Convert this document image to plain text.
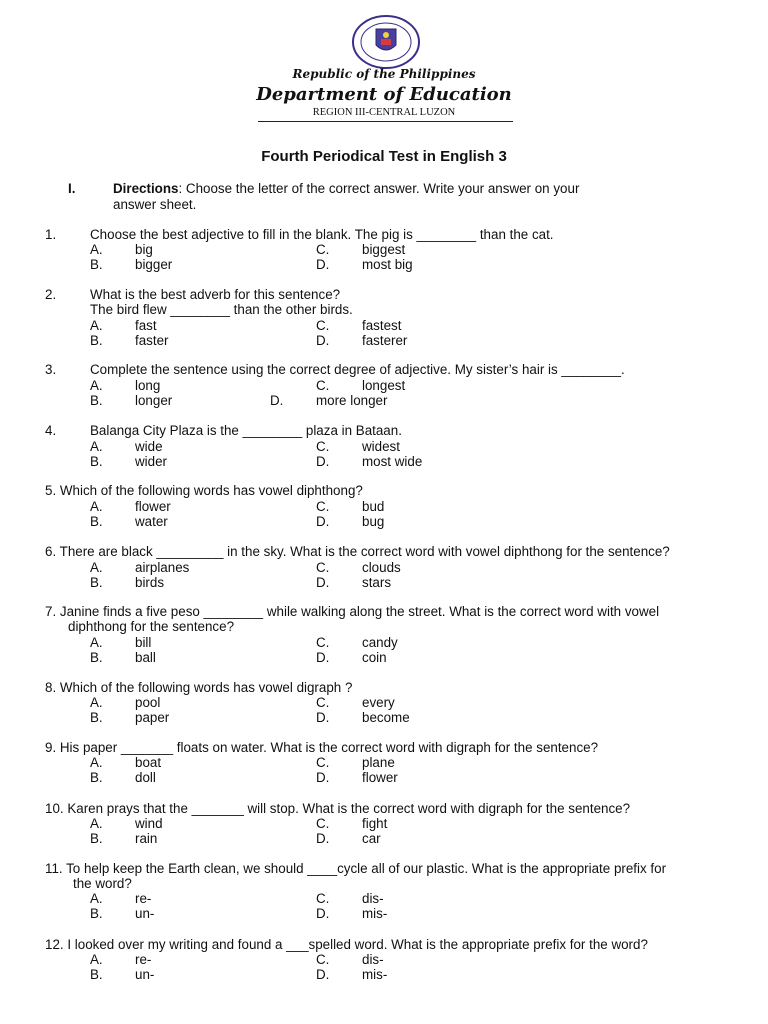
Republic of the Philippines
Department of Education
REGION III-CENTRAL LUZON
Fourth Periodical Test in English 3
I.	Directions: Choose the letter of the correct answer. Write your answer on your
answer sheet.
1.	Choose the best adjective to fill in the blank. The pig is ________ than the cat.
A. big
B. bigger
C. biggest
D. most big
2.	What is the best adverb for this sentence?
The bird flew ________ than the other birds.
A. fast
B. faster
C. fastest
D. fasterer
3.	Complete the sentence using the correct degree of adjective. My sister’s hair is ________.
A. long
B. longer
C. longest
D. more longer
4.	Balanga City Plaza is the ________ plaza in Bataan.
A. wide
B. wider
C. widest
D. most wide
5. Which of the following words has vowel diphthong?
A. flower
B. water
C. bud
D. bug
6. There are black _________ in the sky. What is the correct word with vowel diphthong for the sentence?
A. airplanes
B. birds
C. clouds
D. stars
7. Janine finds a five peso ________ while walking along the street. What is the correct word with vowel
diphthong for the sentence?
A. bill
B. ball
C. candy
D. coin
8. Which of the following words has vowel digraph ?
A. pool
B. paper
C. every
D. become
9. His paper _______ floats on water. What is the correct word with digraph for the sentence?
A. boat
B. doll
C. plane
D. flower
10. Karen prays that the _______ will stop. What is the correct word with digraph for the sentence?
A. wind
B. rain
C. fight
D. car
11. To help keep the Earth clean, we should ____cycle all of our plastic. What is the appropriate prefix for
the word?
A. re-
B. un-
C. dis-
D. mis-
12. I looked over my writing and found a ___spelled word. What is the appropriate prefix for the word?
A. re-
B. un-
C. dis-
D. mis-
